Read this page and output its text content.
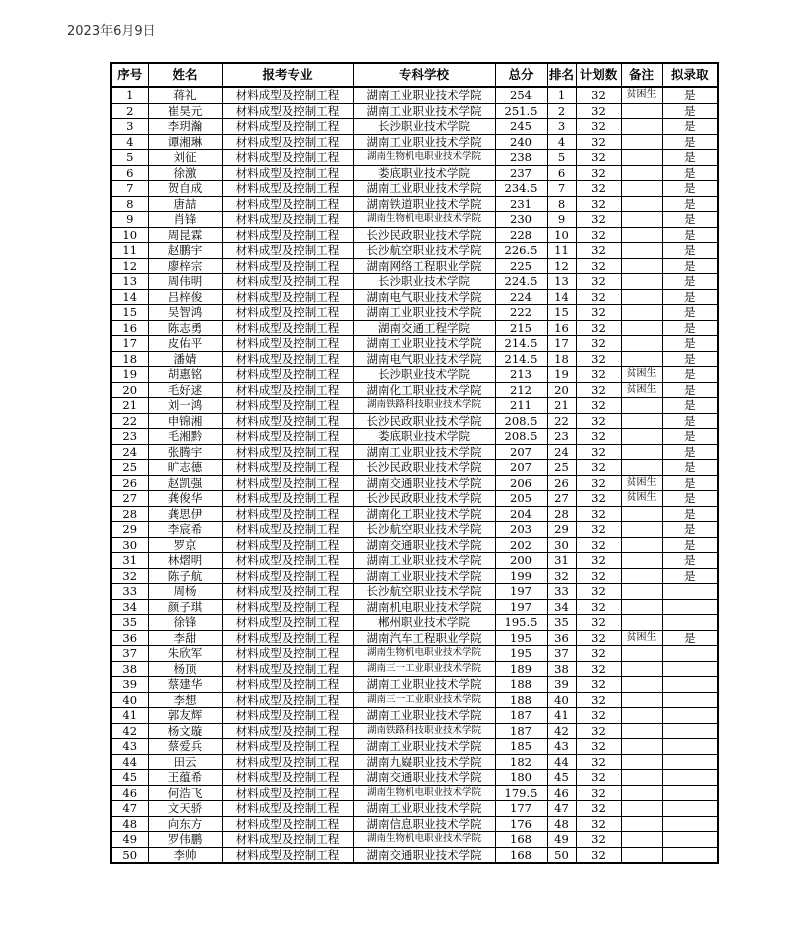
2023年6月9日
序号	姓名	报考专业	专科学校	总分	排名	计划数	备注	拟录取
1	蒋礼	材料成型及控制工程	湖南工业职业技术学院	254	1	32	贫困生	是
2	崔昊元	材料成型及控制工程	湖南工业职业技术学院	251.5	2	32		是
3	李玥瀚	材料成型及控制工程	长沙职业技术学院	245	3	32		是
4	谭湘琳	材料成型及控制工程	湖南工业职业技术学院	240	4	32		是
5	刘征	材料成型及控制工程	湖南生物机电职业技术学院	238	5	32		是
6	徐激	材料成型及控制工程	娄底职业技术学院	237	6	32		是
7	贺自成	材料成型及控制工程	湖南工业职业技术学院	234.5	7	32		是
8	唐喆	材料成型及控制工程	湖南铁道职业技术学院	231	8	32		是
9	肖锋	材料成型及控制工程	湖南生物机电职业技术学院	230	9	32		是
10	周昆霖	材料成型及控制工程	长沙民政职业技术学院	228	10	32		是
11	赵鹏宇	材料成型及控制工程	长沙航空职业技术学院	226.5	11	32		是
12	廖梓宗	材料成型及控制工程	湖南网络工程职业学院	225	12	32		是
13	周伟明	材料成型及控制工程	长沙职业技术学院	224.5	13	32		是
14	吕梓俊	材料成型及控制工程	湖南电气职业技术学院	224	14	32		是
15	吴智鸿	材料成型及控制工程	湖南工业职业技术学院	222	15	32		是
16	陈志勇	材料成型及控制工程	湖南交通工程学院	215	16	32		是
17	皮佑平	材料成型及控制工程	湖南工业职业技术学院	214.5	17	32		是
18	潘婧	材料成型及控制工程	湖南电气职业技术学院	214.5	18	32		是
19	胡惠铭	材料成型及控制工程	长沙职业技术学院	213	19	32	贫困生	是
20	毛好逑	材料成型及控制工程	湖南化工职业技术学院	212	20	32	贫困生	是
21	刘一鸿	材料成型及控制工程	湖南铁路科技职业技术学院	211	21	32		是
22	申锦湘	材料成型及控制工程	长沙民政职业技术学院	208.5	22	32		是
23	毛湘黔	材料成型及控制工程	娄底职业技术学院	208.5	23	32		是
24	张腾宇	材料成型及控制工程	湖南工业职业技术学院	207	24	32		是
25	旷志德	材料成型及控制工程	长沙民政职业技术学院	207	25	32		是
26	赵凯强	材料成型及控制工程	湖南交通职业技术学院	206	26	32	贫困生	是
27	龚俊华	材料成型及控制工程	长沙民政职业技术学院	205	27	32	贫困生	是
28	龚思伊	材料成型及控制工程	湖南化工职业技术学院	204	28	32		是
29	李宸希	材料成型及控制工程	长沙航空职业技术学院	203	29	32		是
30	罗京	材料成型及控制工程	湖南交通职业技术学院	202	30	32		是
31	林熠明	材料成型及控制工程	湖南工业职业技术学院	200	31	32		是
32	陈子航	材料成型及控制工程	湖南工业职业技术学院	199	32	32		是
33	周杨	材料成型及控制工程	长沙航空职业技术学院	197	33	32		
34	颜子琪	材料成型及控制工程	湖南机电职业技术学院	197	34	32		
35	徐锋	材料成型及控制工程	郴州职业技术学院	195.5	35	32		
36	李甜	材料成型及控制工程	湖南汽车工程职业学院	195	36	32	贫困生	是
37	朱欣军	材料成型及控制工程	湖南生物机电职业技术学院	195	37	32		
38	杨顶	材料成型及控制工程	湖南三一工业职业技术学院	189	38	32		
39	蔡建华	材料成型及控制工程	湖南工业职业技术学院	188	39	32		
40	李想	材料成型及控制工程	湖南三一工业职业技术学院	188	40	32		
41	郭友辉	材料成型及控制工程	湖南工业职业技术学院	187	41	32		
42	杨文璇	材料成型及控制工程	湖南铁路科技职业技术学院	187	42	32		
43	蔡爱兵	材料成型及控制工程	湖南工业职业技术学院	185	43	32		
44	田云	材料成型及控制工程	湖南九嶷职业技术学院	182	44	32		
45	王蕴希	材料成型及控制工程	湖南交通职业技术学院	180	45	32		
46	何浩飞	材料成型及控制工程	湖南生物机电职业技术学院	179.5	46	32		
47	文天骄	材料成型及控制工程	湖南工业职业技术学院	177	47	32		
48	向东方	材料成型及控制工程	湖南信息职业技术学院	176	48	32		
49	罗伟鹏	材料成型及控制工程	湖南生物机电职业技术学院	168	49	32		
50	李帅	材料成型及控制工程	湖南交通职业技术学院	168	50	32		
